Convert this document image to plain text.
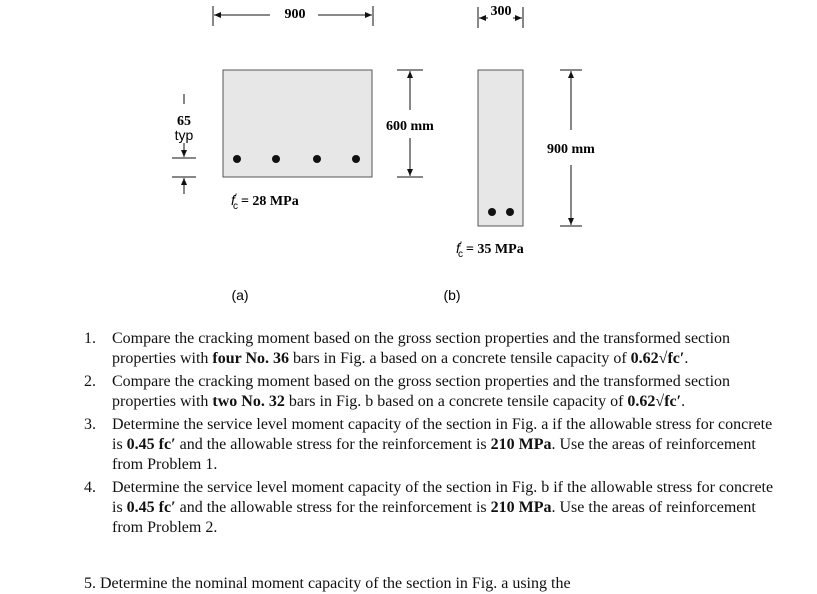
900
600 mm
65
typ
f′ c = 28 MPa
(a)
300
900 mm
f′ c = 35 MPa
(b)
1. Compare the cracking moment based on the gross section properties and the transformed section properties with four No. 36 bars in Fig. a based on a concrete tensile capacity of 0.62√fc′.
2. Compare the cracking moment based on the gross section properties and the transformed section properties with two No. 32 bars in Fig. b based on a concrete tensile capacity of 0.62√fc′.
3. Determine the service level moment capacity of the section in Fig. a if the allowable stress for concrete is 0.45 fc′ and the allowable stress for the reinforcement is 210 MPa. Use the areas of reinforcement from Problem 1.
4. Determine the service level moment capacity of the section in Fig. b if the allowable stress for concrete is 0.45 fc′ and the allowable stress for the reinforcement is 210 MPa. Use the areas of reinforcement from Problem 2.
5. Determine the nominal moment capacity of the section in Fig. a using the
